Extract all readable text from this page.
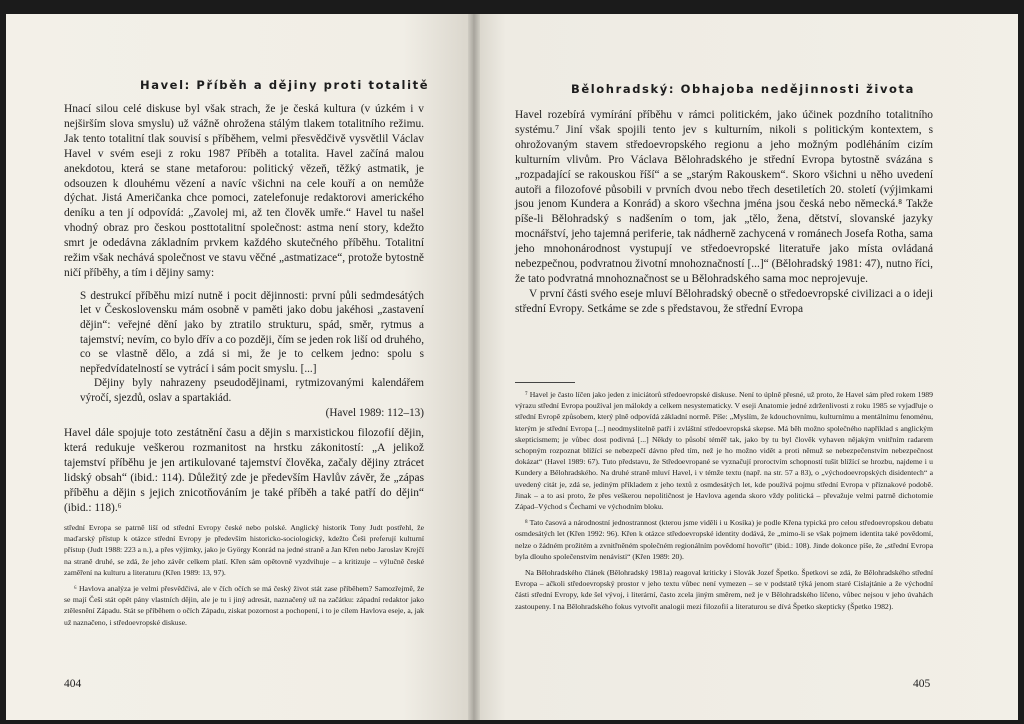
Havel: Příběh a dějiny proti totalitě

Hnací silou celé diskuse byl však strach, že je česká kultura (v úzkém i v nejširším slova smyslu) už vážně ohrožena stálým tlakem totalitního režimu. Jak tento totalitní tlak souvisí s příběhem, velmi přesvědčivě vysvětlil Václav Havel v svém eseji z roku 1987 Příběh a totalita. Havel začíná malou anekdotou, která se stane metaforou: politický vězeň, těžký astmatik, je odsouzen k dlouhému vězení a navíc všichni na cele kouří a on nemůže dýchat. Jistá Američanka chce pomoci, zatelefonuje redaktorovi amerického deníku a ten jí odpovídá: „Zavolej mi, až ten člověk umře.“ Havel tu našel vhodný obraz pro českou posttotalitní společnost: astma není story, kdežto smrt je odedávna základním prvkem každého skutečného příběhu. Totalitní režim však nechává společnost ve stavu věčné „astmatizace“, protože bytostně ničí příběhy, a tím i dějiny samy:

S destrukcí příběhu mizí nutně i pocit dějinnosti: první půli sedmdesátých let v Československu mám osobně v paměti jako dobu jakéhosi „zastavení dějin“: veřejné dění jako by ztratilo strukturu, spád, směr, rytmus a tajemství; nevím, co bylo dřív a co později, čím se jeden rok liší od druhého, co se vlastně dělo, a zdá si mi, že je to celkem jedno: spolu s nepředvídatelností se vytrácí i sám pocit smyslu. [...]

Dějiny byly nahrazeny pseudodějinami, rytmizovanými kalendářem výročí, sjezdů, oslav a spartakiád.

(Havel 1989: 112–13)

Havel dále spojuje toto zestátnění času a dějin s marxistickou filozofií dějin, která redukuje veškerou rozmanitost na hrstku zákonitostí: „A jelikož tajemství příběhu je jen artikulované tajemství člověka, začaly dějiny ztrácet lidský obsah“ (ibid.: 114). Důležitý zde je především Havlův závěr, že „zápas příběhu a dějin s jejich znicotňováním je také příběh a také patří do dějin“ (ibid.: 118).⁶

střední Evropa se patrně liší od střední Evropy české nebo polské. Anglický historik Tony Judt postřehl, že maďarský přístup k otázce střední Evropy je především historicko-sociologický, kdežto Češi preferují kulturní přístup (Judt 1988: 223 a n.), a přes výjimky, jako je György Konrád na jedné straně a Jan Křen nebo Jaroslav Krejčí na straně druhé, se zdá, že jeho závěr celkem platí. Křen sám opětovně vyzdvihuje – a kritizuje – výlučně české zaměření na kulturu a literaturu (Křen 1989: 13, 97).

⁶ Havlova analýza je velmi přesvědčivá, ale v čích očích se má český život stát zase příběhem? Samozřejmě, že se mají Češi stát opět pány vlastních dějin, ale je tu i jiný adresát, naznačený už na začátku: západní redaktor jako ztělesnění Západu. Stát se příběhem o očích Západu, ziskat pozornost a pochopení, i to je cílem Havlova eseje, a, jak už naznačeno, i středoevropské diskuse.

404
Bělohradský: Obhajoba nedějinnosti života

Havel rozebírá vymírání příběhu v rámci politickém, jako účinek pozdního totalitního systému.⁷ Jiní však spojili tento jev s kulturním, nikoli s politickým kontextem, s ohrožovaným stavem středoevropského regionu a jeho možným podléháním cizím kulturním vlivům. Pro Václava Bělohradského je střední Evropa bytostně svázána s „rozpadající se rakouskou říší“ a se „starým Rakouskem“. Skoro všichni u něho uvedení autoři a filozofové působili v prvních dvou nebo třech desetiletích 20. století (výjimkami jsou jenom Kundera a Konrád) a skoro všechna jména jsou česká nebo německá.⁸ Takže píše-li Bělohradský s nadšením o tom, jak „tělo, žena, dětství, slovanské jazyky mocnářství, jeho tajemná periferie, tak nádherně zachycená v románech Josefa Rotha, sama jeho mnohonárodnost vystupují ve středoevropské literatuře jako místa ovládaná nebezpečnou, podvratnou životní mnohoznačností [...]“ (Bělohradský 1981: 47), nutno říci, že tato podvratná mnohoznačnost se u Bělohradského sama moc neprojevuje.

V první části svého eseje mluví Bělohradský obecně o středoevropské civilizaci a o ideji střední Evropy. Setkáme se zde s představou, že střední Evropa

⁷ Havel je často líčen jako jeden z iniciátorů středoevropské diskuse. Není to úplně přesné, už proto, že Havel sám před rokem 1989 výrazu střední Evropa používal jen málokdy a celkem nesystematicky. V eseji Anatomie jedné zdrženlivosti z roku 1985 se vyjadřuje o střední Evropě způsobem, který plně odpovídá základní normě. Píše: „Myslím, že kdouchovnímu, kulturnímu a mentálnímu fenoménu, kterým je střední Evropa [...] neodmyslitelně patří i zvláštní středoevropská skepse. Má běh možno společného například s anglickým skepticismem; je vůbec dost podivná [...] Někdy to působí téměř tak, jako by tu byl člověk vyhaven nějakým vnitřním radarem schopným rozpoznat blížící se nebezpečí dávno před tím, než je ho možno vidět a proti němuž se nebezpečenstvím nebezpečnost dokázat“ (Havel 1989: 67). Tuto představu, že Středoevropané se vyznačují proroctvím schopností tušit blížící se hrozbu, najdeme i u Kundery a Bělohradského. Na druhé straně mluví Havel, i v témže textu (např. na str. 57 a 83), o „východoevropských disidentech“ a uvedený citát je, zdá se, jediným příkladem z jeho textů z osmdesátých let, kde používá pojmu střední Evropa v příznakové podobě. Jinak – a to asi proto, že přes veškerou nepolitičnost je Havlova agenda skoro vždy politická – převažuje velmi patrně dichotomie Západ–Východ s Čechami ve východním bloku.

⁸ Tato časová a národnostní jednostrannost (kterou jsme viděli i u Kosíka) je podle Křena typická pro celou středoevropskou debatu osmdesátých let (Křen 1992: 96). Křen k otázce středoevropské identity dodává, že „mimo-li se však pojmem identita také povědomí, nelze o žádném prožitém a zvnitřněném společném regionálním povědomí hovořit“ (ibid.: 108). Jinde dokonce píše, že „střední Evropa byla dlouho společenstvím nenávisti“ (Křen 1989: 20).

Na Bělohradského článek (Bělohradský 1981a) reagoval kriticky i Slovák Jozef Špetko. Špetkovi se zdá, že Bělohradského střední Evropa – ačkoli středoevropský prostor v jeho textu vůbec není vymezen – se v podstatě týká jenom staré Cislajtánie a že východní části střední Evropy, kde šel vývoj, i literární, často zcela jiným směrem, než je v Bělohradského líčeno, vůbec nejsou v jeho úvahách zastoupeny. I na Bělohradského fokus vytvořit analogii mezi filozofií a literaturou se dívá Špetko skepticky (Špetko 1982).

405
